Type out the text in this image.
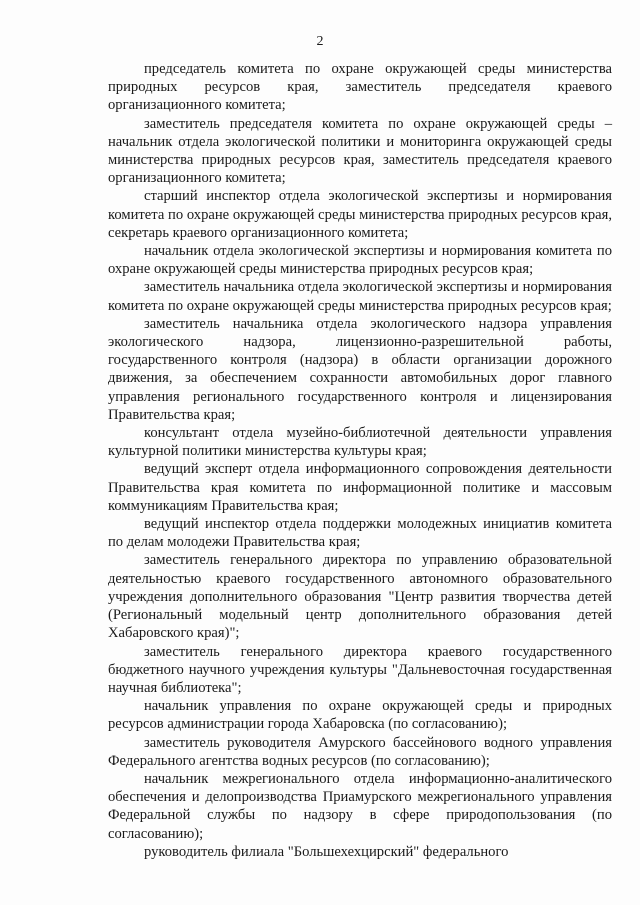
2

председатель комитета по охране окружающей среды министерства природных ресурсов края, заместитель председателя краевого организационного комитета;

заместитель председателя комитета по охране окружающей среды – начальник отдела экологической политики и мониторинга окружающей среды министерства природных ресурсов края, заместитель председателя краевого организационного комитета;

старший инспектор отдела экологической экспертизы и нормирования комитета по охране окружающей среды министерства природных ресурсов края, секретарь краевого организационного комитета;

начальник отдела экологической экспертизы и нормирования комитета по охране окружающей среды министерства природных ресурсов края;

заместитель начальника отдела экологической экспертизы и нормирования комитета по охране окружающей среды министерства природных ресурсов края;

заместитель начальника отдела экологического надзора управления экологического надзора, лицензионно-разрешительной работы, государственного контроля (надзора) в области организации дорожного движения, за обеспечением сохранности автомобильных дорог главного управления регионального государственного контроля и лицензирования Правительства края;

консультант отдела музейно-библиотечной деятельности управления культурной политики министерства культуры края;

ведущий эксперт отдела информационного сопровождения деятельности Правительства края комитета по информационной политике и массовым коммуникациям Правительства края;

ведущий инспектор отдела поддержки молодежных инициатив комитета по делам молодежи Правительства края;

заместитель генерального директора по управлению образовательной деятельностью краевого государственного автономного образовательного учреждения дополнительного образования "Центр развития творчества детей (Региональный модельный центр дополнительного образования детей Хабаровского края)";

заместитель генерального директора краевого государственного бюджетного научного учреждения культуры "Дальневосточная государственная научная библиотека";

начальник управления по охране окружающей среды и природных ресурсов администрации города Хабаровска (по согласованию);

заместитель руководителя Амурского бассейнового водного управления Федерального агентства водных ресурсов (по согласованию);

начальник межрегионального отдела информационно-аналитического обеспечения и делопроизводства Приамурского межрегионального управления Федеральной службы по надзору в сфере природопользования (по согласованию);

руководитель филиала "Большехехцирский" федерального
